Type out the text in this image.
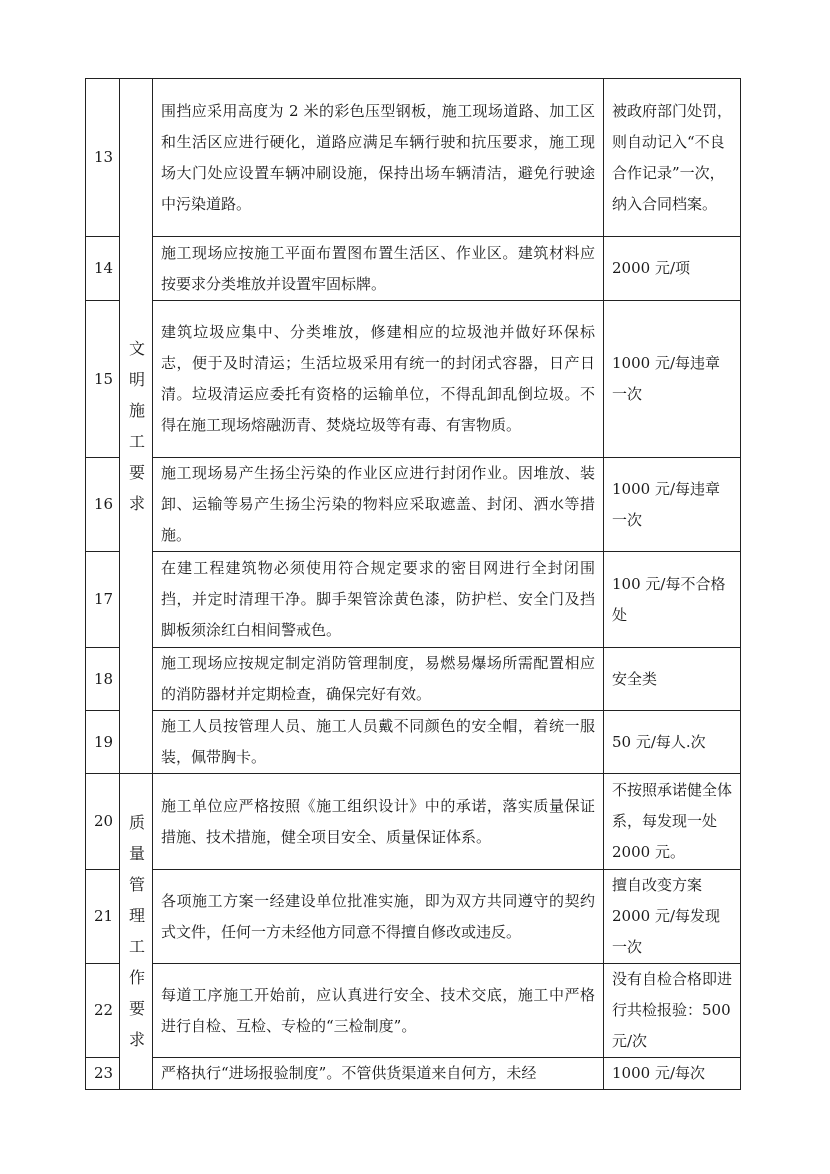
13	文明施工要求	围挡应采用高度为 2 米的彩色压型钢板，施工现场道路、加工区和生活区应进行硬化，道路应满足车辆行驶和抗压要求，施工现场大门处应设置车辆冲刷设施，保持出场车辆清洁，避免行驶途中污染道路。	被政府部门处罚，则自动记入“不良合作记录”一次，纳入合同档案。
14		施工现场应按施工平面布置图布置生活区、作业区。建筑材料应按要求分类堆放并设置牢固标牌。	2000 元/项
15		建筑垃圾应集中、分类堆放，修建相应的垃圾池并做好环保标志，便于及时清运；生活垃圾采用有统一的封闭式容器，日产日清。垃圾清运应委托有资格的运输单位，不得乱卸乱倒垃圾。不得在施工现场熔融沥青、焚烧垃圾等有毒、有害物质。	1000 元/每违章一次
16		施工现场易产生扬尘污染的作业区应进行封闭作业。因堆放、装卸、运输等易产生扬尘污染的物料应采取遮盖、封闭、洒水等措施。	1000 元/每违章一次
17		在建工程建筑物必须使用符合规定要求的密目网进行全封闭围挡，并定时清理干净。脚手架管涂黄色漆，防护栏、安全门及挡脚板须涂红白相间警戒色。	100 元/每不合格处
18		施工现场应按规定制定消防管理制度，易燃易爆场所需配置相应的消防器材并定期检查，确保完好有效。	安全类
19		施工人员按管理人员、施工人员戴不同颜色的安全帽，着统一服装，佩带胸卡。	50 元/每人.次
20	质量管理工作要求	施工单位应严格按照《施工组织设计》中的承诺，落实质量保证措施、技术措施，健全项目安全、质量保证体系。	不按照承诺健全体系，每发现一处 2000 元。
21		各项施工方案一经建设单位批准实施，即为双方共同遵守的契约式文件，任何一方未经他方同意不得擅自修改或违反。	擅自改变方案2000 元/每发现一次
22		每道工序施工开始前，应认真进行安全、技术交底，施工中严格进行自检、互检、专检的“三检制度”。	没有自检合格即进行共检报验：500 元/次
23		严格执行“进场报验制度”。不管供货渠道来自何方，未经	1000 元/每次
